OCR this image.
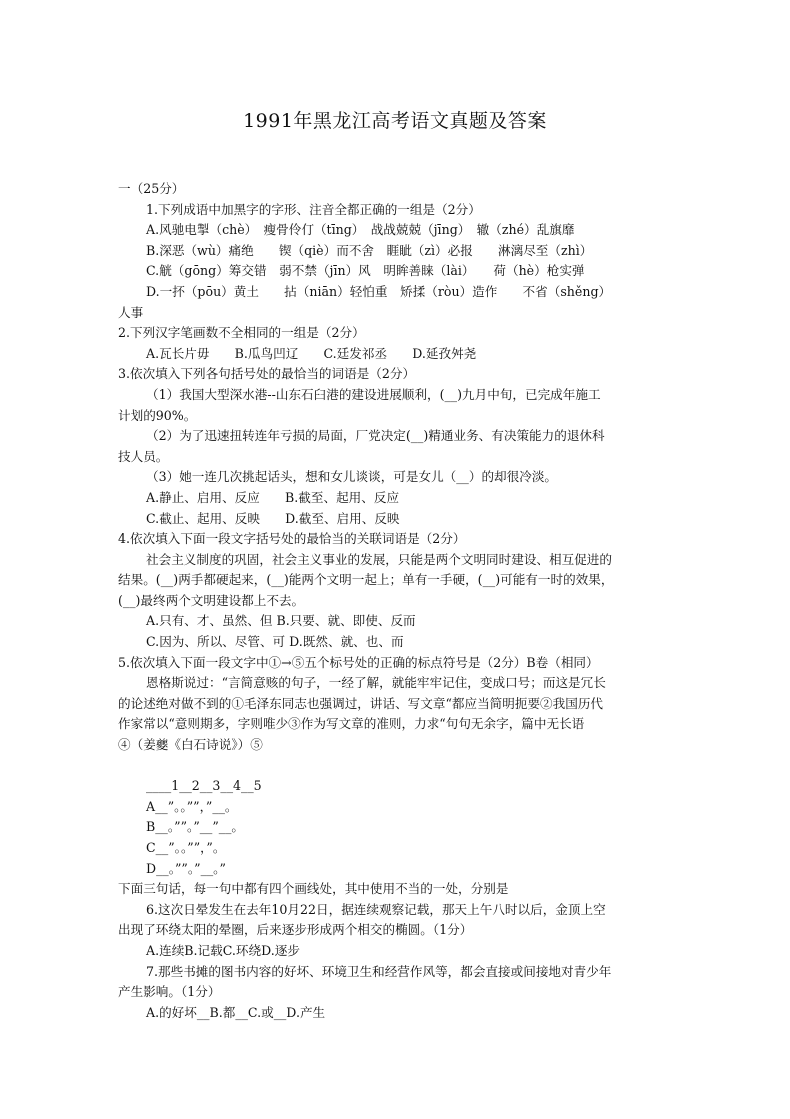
1991年黑龙江高考语文真题及答案
一（25分）
1.下列成语中加黑字的字形、注音全都正确的一组是（2分）
A.风驰电掣（chè）　瘦骨伶仃（tīng）　战战兢兢（jīng）　辙（zhé）乱旗靡
B.深恶（wù）痛绝　　锲（qiè）而不舍　睚眦（zì）必报　　淋漓尽至（zhì）
C.觥（gōng）筹交错　弱不禁（jīn）风　明眸善睐（lài）　　荷（hè）枪实弹
D.一抔（pōu）黄土　　拈（niān）轻怕重　矫揉（ròu）造作　　不省（shěng）
人事
2.下列汉字笔画数不全相同的一组是（2分）
A.瓦长片毋　　B.瓜鸟凹辽　　C.廷发祁丞　　D.延孜舛尧
3.依次填入下列各句括号处的最恰当的词语是（2分）
（1）我国大型深水港--山东石臼港的建设进展顺利，(__)九月中旬，已完成年施工
计划的90%。
（2）为了迅速扭转连年亏损的局面，厂党决定(__)精通业务、有决策能力的退休科
技人员。
（3）她一连几次挑起话头，想和女儿谈谈，可是女儿（__）的却很冷淡。
A.静止、启用、反应　　B.截至、起用、反应
C.截止、起用、反映　　D.截至、启用、反映
4.依次填入下面一段文字括号处的最恰当的关联词语是（2分）
社会主义制度的巩固，社会主义事业的发展，只能是两个文明同时建设、相互促进的
结果。(__)两手都硬起来，(__)能两个文明一起上；单有一手硬，(__)可能有一时的效果，
(__)最终两个文明建设都上不去。
A.只有、才、虽然、但 B.只要、就、即使、反而
C.因为、所以、尽管、可 D.既然、就、也、而
5.依次填入下面一段文字中①→⑤五个标号处的正确的标点符号是（2分）B卷（相同）
恩格斯说过：“言简意赅的句子，一经了解，就能牢牢记住，变成口号；而这是冗长
的论述绝对做不到的①毛泽东同志也强调过，讲话、写文章“都应当简明扼要②我国历代
作家常以“意则期多，字则唯少③作为写文章的准则，力求“句句无余字，篇中无长语
④（姜夔《白石诗说》）⑤
____1__2__3__4__5
A__”。。””，”__。
B__。””。”__”__。
C__”。。””，”。
D__。””。”__。”
下面三句话，每一句中都有四个画线处，其中使用不当的一处，分别是
6.这次日晕发生在去年10月22日，据连续观察记载，那天上午八时以后，金顶上空
出现了环绕太阳的晕圈，后来逐步形成两个相交的椭圆。（1分）
A.连续B.记载C.环绕D.逐步
7.那些书摊的图书内容的好坏、环境卫生和经营作风等，都会直接或间接地对青少年
产生影响。（1分）
A.的好坏__B.都__C.或__D.产生
